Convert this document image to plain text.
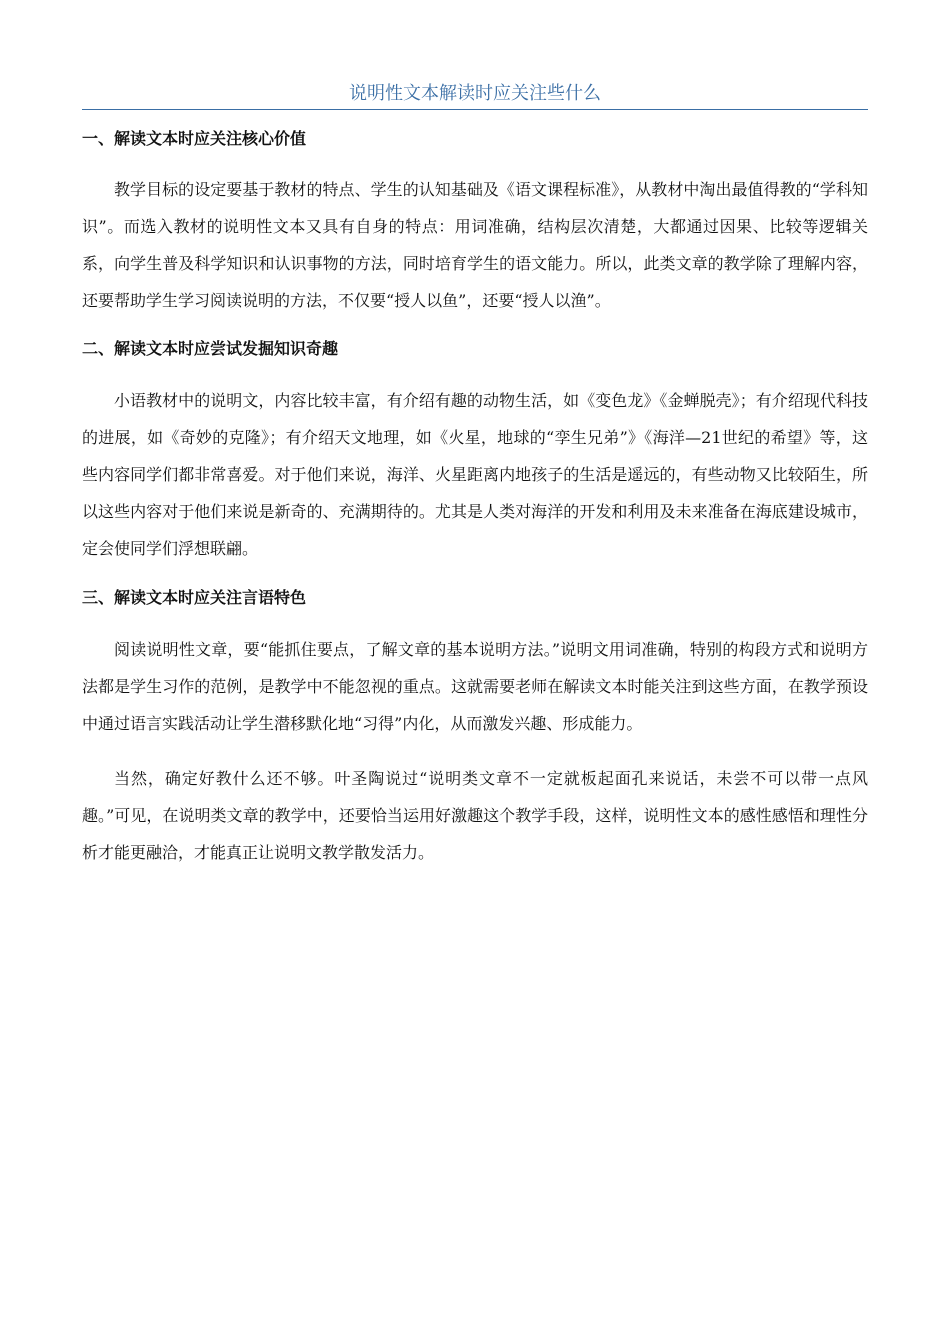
说明性文本解读时应关注些什么
一、解读文本时应关注核心价值

教学目标的设定要基于教材的特点、学生的认知基础及《语文课程标准》，从教材中淘出最值得教的“学科知识”。而选入教材的说明性文本又具有自身的特点：用词准确，结构层次清楚，大都通过因果、比较等逻辑关系，向学生普及科学知识和认识事物的方法，同时培育学生的语文能力。所以，此类文章的教学除了理解内容，还要帮助学生学习阅读说明的方法，不仅要“授人以鱼”，还要“授人以渔”。

二、解读文本时应尝试发掘知识奇趣

小语教材中的说明文，内容比较丰富，有介绍有趣的动物生活，如《变色龙》《金蝉脱壳》；有介绍现代科技的进展，如《奇妙的克隆》；有介绍天文地理，如《火星，地球的“孪生兄弟”》《海洋—21世纪的希望》等，这些内容同学们都非常喜爱。对于他们来说，海洋、火星距离内地孩子的生活是遥远的，有些动物又比较陌生，所以这些内容对于他们来说是新奇的、充满期待的。尤其是人类对海洋的开发和利用及未来准备在海底建设城市，定会使同学们浮想联翩。

三、解读文本时应关注言语特色

阅读说明性文章，要“能抓住要点，了解文章的基本说明方法。”说明文用词准确，特别的构段方式和说明方法都是学生习作的范例，是教学中不能忽视的重点。这就需要老师在解读文本时能关注到这些方面，在教学预设中通过语言实践活动让学生潜移默化地“习得”内化，从而激发兴趣、形成能力。

当然，确定好教什么还不够。叶圣陶说过“说明类文章不一定就板起面孔来说话，未尝不可以带一点风趣。”可见，在说明类文章的教学中，还要恰当运用好激趣这个教学手段，这样，说明性文本的感性感悟和理性分析才能更融洽，才能真正让说明文教学散发活力。
